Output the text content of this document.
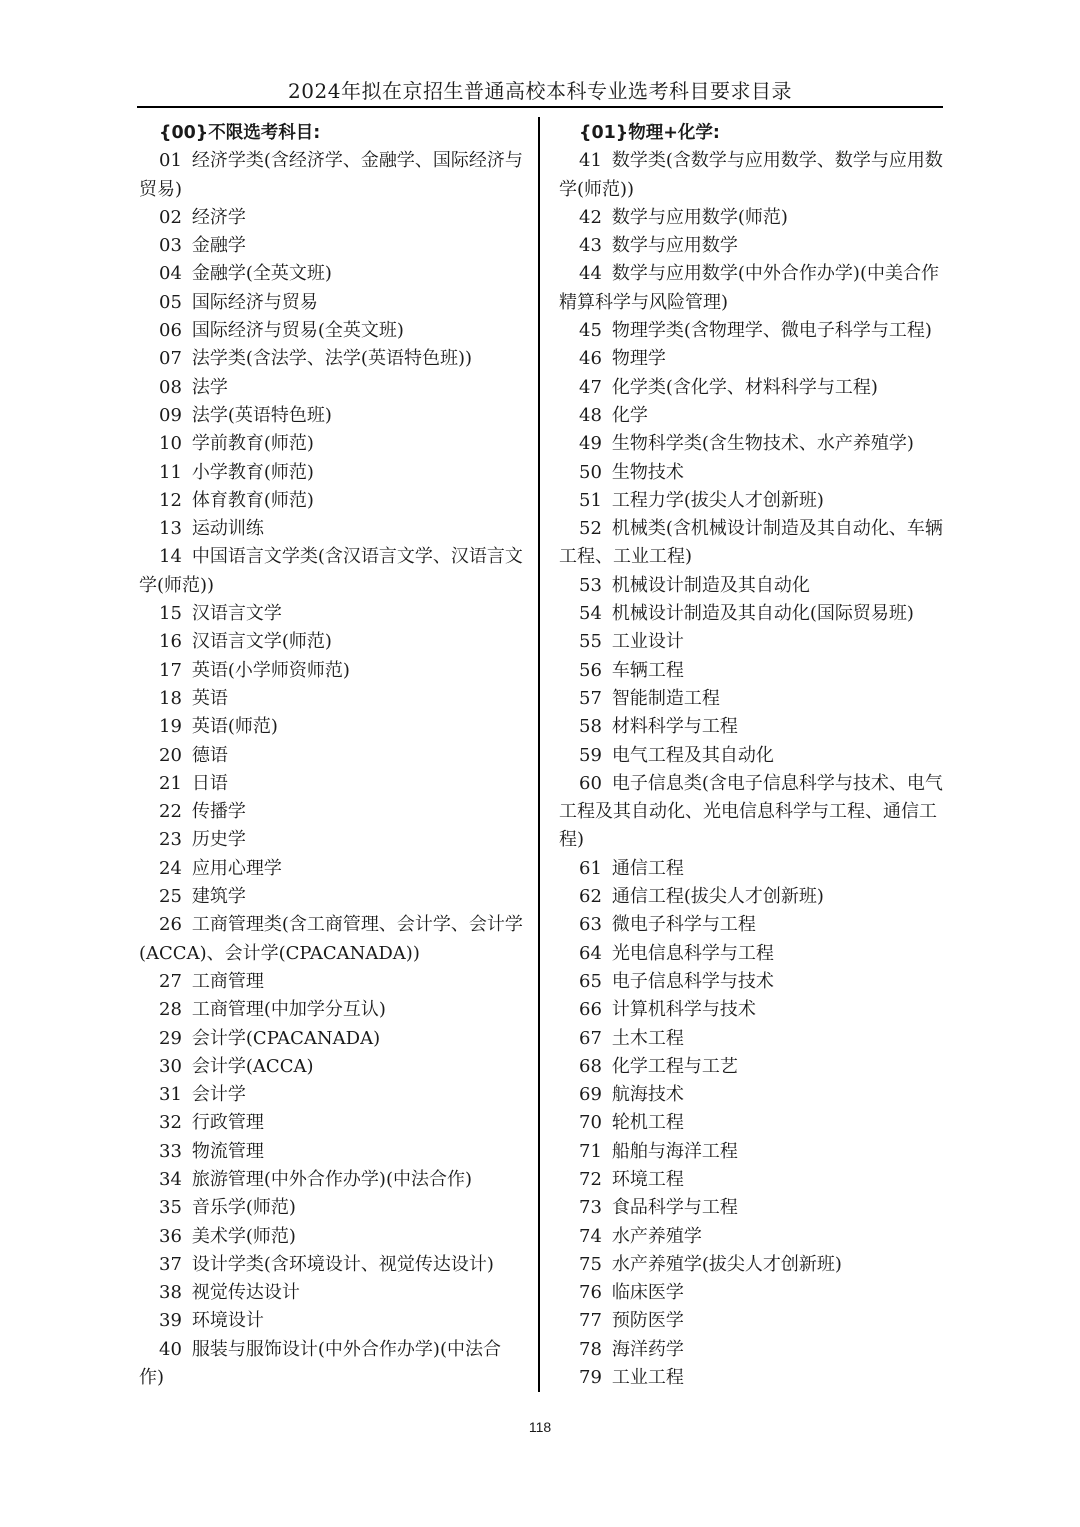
2024年拟在京招生普通高校本科专业选考科目要求目录
{00}不限选考科目:
01 经济学类(含经济学、金融学、国际经济与贸易)
02 经济学
03 金融学
04 金融学(全英文班)
05 国际经济与贸易
06 国际经济与贸易(全英文班)
07 法学类(含法学、法学(英语特色班))
08 法学
09 法学(英语特色班)
10 学前教育(师范)
11 小学教育(师范)
12 体育教育(师范)
13 运动训练
14 中国语言文学类(含汉语言文学、汉语言文学(师范))
15 汉语言文学
16 汉语言文学(师范)
17 英语(小学师资师范)
18 英语
19 英语(师范)
20 德语
21 日语
22 传播学
23 历史学
24 应用心理学
25 建筑学
26 工商管理类(含工商管理、会计学、会计学(ACCA)、会计学(CPACANADA))
27 工商管理
28 工商管理(中加学分互认)
29 会计学(CPACANADA)
30 会计学(ACCA)
31 会计学
32 行政管理
33 物流管理
34 旅游管理(中外合作办学)(中法合作)
35 音乐学(师范)
36 美术学(师范)
37 设计学类(含环境设计、视觉传达设计)
38 视觉传达设计
39 环境设计
40 服装与服饰设计(中外合作办学)(中法合作)
{01}物理+化学:
41 数学类(含数学与应用数学、数学与应用数学(师范))
42 数学与应用数学(师范)
43 数学与应用数学
44 数学与应用数学(中外合作办学)(中美合作精算科学与风险管理)
45 物理学类(含物理学、微电子科学与工程)
46 物理学
47 化学类(含化学、材料科学与工程)
48 化学
49 生物科学类(含生物技术、水产养殖学)
50 生物技术
51 工程力学(拔尖人才创新班)
52 机械类(含机械设计制造及其自动化、车辆工程、工业工程)
53 机械设计制造及其自动化
54 机械设计制造及其自动化(国际贸易班)
55 工业设计
56 车辆工程
57 智能制造工程
58 材料科学与工程
59 电气工程及其自动化
60 电子信息类(含电子信息科学与技术、电气工程及其自动化、光电信息科学与工程、通信工程)
61 通信工程
62 通信工程(拔尖人才创新班)
63 微电子科学与工程
64 光电信息科学与工程
65 电子信息科学与技术
66 计算机科学与技术
67 土木工程
68 化学工程与工艺
69 航海技术
70 轮机工程
71 船舶与海洋工程
72 环境工程
73 食品科学与工程
74 水产养殖学
75 水产养殖学(拔尖人才创新班)
76 临床医学
77 预防医学
78 海洋药学
79 工业工程
118
